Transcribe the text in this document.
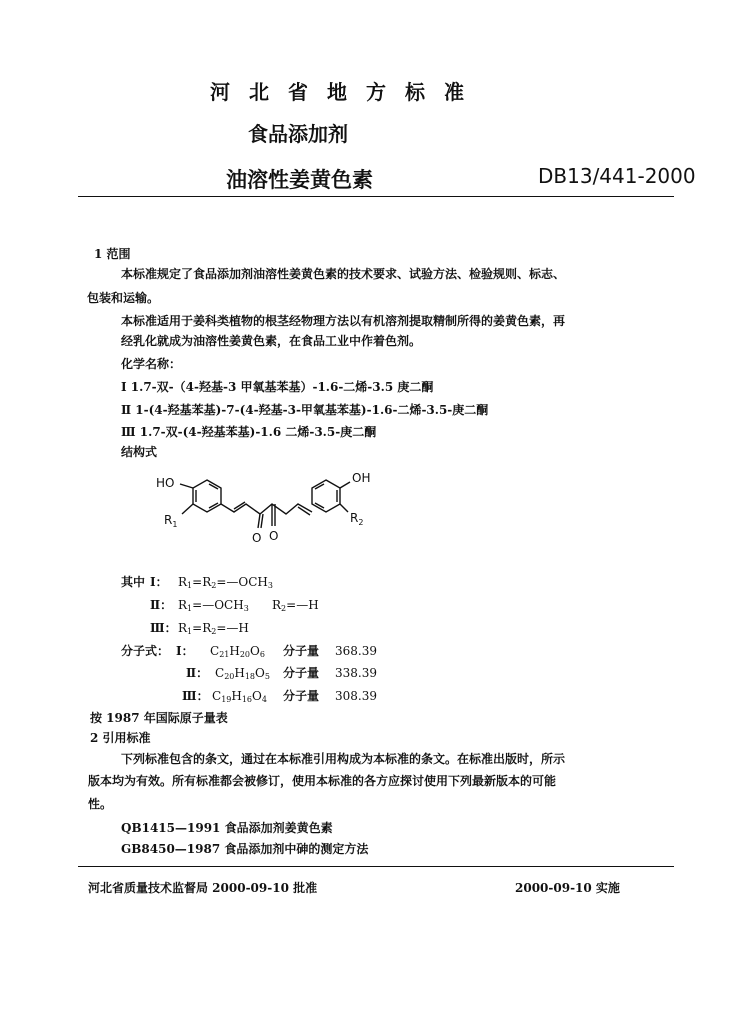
河北省地方标准
食品添加剂
油溶性姜黄色素	DB13/441-2000
1 范围
本标准规定了食品添加剂油溶性姜黄色素的技术要求、试验方法、检验规则、标志、
包装和运输。
本标准适用于姜科类植物的根茎经物理方法以有机溶剂提取精制所得的姜黄色素，再
经乳化就成为油溶性姜黄色素，在食品工业中作着色剂。
化学名称：
Ⅰ 1.7-双-（4-羟基-3 甲氧基苯基）-1.6-二烯-3.5 庚二酮
Ⅱ 1-(4-羟基苯基)-7-(4-羟基-3-甲氧基苯基)-1.6-二烯-3.5-庚二酮
Ⅲ 1.7-双-(4-羟基苯基)-1.6 二烯-3.5-庚二酮
结构式
HO	OH
$R_1$	$R_2$
O O
其中 Ⅰ： $R_1=R_2=—OCH_3$
Ⅱ： $R_1=—OCH_3$ $R_2=—H$
Ⅲ： $R_1=R_2=—H$
分子式： Ⅰ： $C_{21}H_{20}O_6$ 分子量 368.39
Ⅱ： $C_{20}H_{18}O_5$ 分子量 338.39
Ⅲ： $C_{19}H_{16}O_4$ 分子量 308.39
按 1987 年国际原子量表
2 引用标准
下列标准包含的条文，通过在本标准引用构成为本标准的条文。在标准出版时，所示
版本均为有效。所有标准都会被修订，使用本标准的各方应探讨使用下列最新版本的可能
性。
QB1415—1991 食品添加剂姜黄色素
GB8450—1987 食品添加剂中砷的测定方法
河北省质量技术监督局 2000-09-10 批准	2000-09-10 实施
